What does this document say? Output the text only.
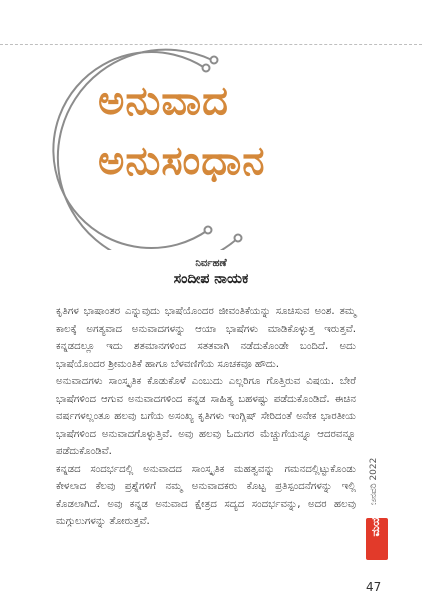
ಅನುವಾದ
ಅನುಸಂಧಾನ
ನಿರ್ವಹಣೆ
ಸಂದೀಪ ನಾಯಕ

ಕೃತಿಗಳ ಭಾಷಾಂತರ ಎನ್ನುವುದು ಭಾಷೆಯೊಂದರ ಜೀವಂತಿಕೆಯನ್ನು ಸೂಚಿಸುವ ಅಂಶ. ತಮ್ಮ ಕಾಲಕ್ಕೆ ಅಗತ್ಯವಾದ ಅನುವಾದಗಳನ್ನು ಆಯಾ ಭಾಷೆಗಳು ಮಾಡಿಕೊಳ್ಳುತ್ತ ಇರುತ್ತವೆ. ಕನ್ನಡದಲ್ಲೂ ಇದು ಶತಮಾನಗಳಿಂದ ಸತತವಾಗಿ ನಡೆದುಕೊಂಡೇ ಬಂದಿದೆ. ಅದು ಭಾಷೆಯೊಂದರ ಶ್ರೀಮಂತಿಕೆ ಹಾಗೂ ಬೆಳವಣಿಗೆಯ ಸೂಚಕವೂ ಹೌದು.

ಅನುವಾದಗಳು ಸಾಂಸ್ಕೃತಿಕ ಕೊಡುಕೊಳೆ ಎಂಬುದು ಎಲ್ಲರಿಗೂ ಗೊತ್ತಿರುವ ವಿಷಯ. ಬೇರೆ ಭಾಷೆಗಳಿಂದ ಆಗುವ ಅನುವಾದಗಳಿಂದ ಕನ್ನಡ ಸಾಹಿತ್ಯ ಬಹಳಷ್ಟು ಪಡೆದುಕೊಂಡಿದೆ. ಈಚಿನ ವರ್ಷಗಳಲ್ಲಂತೂ ಹಲವು ಬಗೆಯ ಅಸಂಖ್ಯ ಕೃತಿಗಳು ಇಂಗ್ಲಿಷ್ ಸೇರಿದಂತೆ ಅನೇಕ ಭಾರತೀಯ ಭಾಷೆಗಳಿಂದ ಅನುವಾದಗೊಳ್ಳುತ್ತಿವೆ. ಅವು ಹಲವು ಓದುಗರ ಮೆಚ್ಚುಗೆಯನ್ನೂ ಆದರವನ್ನೂ ಪಡೆದುಕೊಂಡಿವೆ.

ಕನ್ನಡದ ಸಂದರ್ಭದಲ್ಲಿ ಅನುವಾದದ ಸಾಂಸ್ಕೃತಿಕ ಮಹತ್ವವನ್ನು ಗಮನದಲ್ಲಿಟ್ಟುಕೊಂಡು ಕೇಳಲಾದ ಕೆಲವು ಪ್ರಶ್ನೆಗಳಿಗೆ ನಮ್ಮ ಅನುವಾದಕರು ಕೊಟ್ಟ ಪ್ರತಿಸ್ಪಂದನೆಗಳನ್ನು ಇಲ್ಲಿ ಕೊಡಲಾಗಿದೆ. ಅವು ಕನ್ನಡ ಅನುವಾದ ಕ್ಷೇತ್ರದ ಸದ್ಯದ ಸಂದರ್ಭವನ್ನು, ಅದರ ಹಲವು ಮಗ್ಗುಲುಗಳನ್ನು ತೋರುತ್ತವೆ.

ಜನವರಿ 2022
ಮಯೂರ
47
